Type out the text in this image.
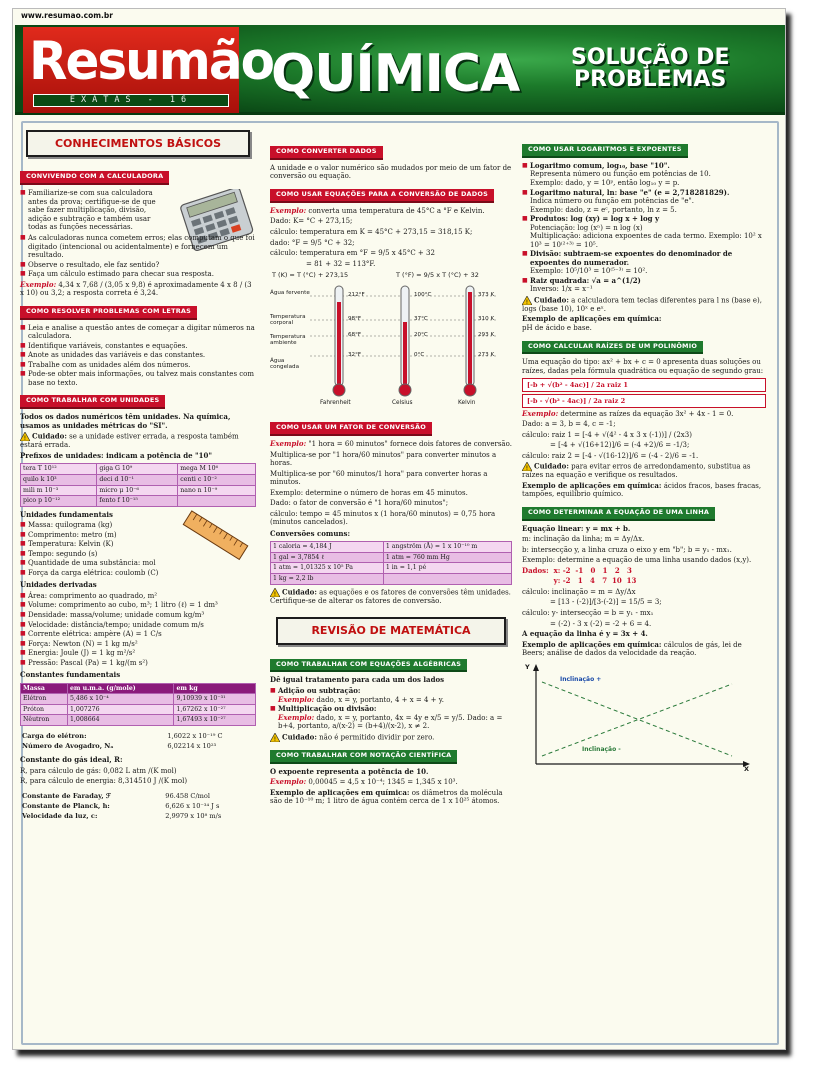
www.resumao.com.br
Resumão
EXATAS - 16	QUÍMICA SOLUÇÃO DE
PROBLEMAS
CONHECIMENTOS BÁSICOS
CONVIVENDO COM A CALCULADORA
■ Familiarize-se com sua calculadora antes da prova; certifique-se de que sabe fazer multiplicação, divisão, adição e subtração e também usar todas as funções necessárias.
■ As calculadoras nunca cometem erros; elas computam o que foi digitado (intencional ou acidentalmente) e fornecem um resultado.
■ Observe o resultado, ele faz sentido?
■ Faça um cálculo estimado para checar sua resposta.

Exemplo: 4,34 x 7,68 / (3,05 x 9,8) é aproximadamente 4 x 8 / (3 x 10) ou 3,2; a resposta correta é 3,24.

COMO RESOLVER PROBLEMAS COM LETRAS
■ Leia e analise a questão antes de começar a digitar números na calculadora.
■ Identifique variáveis, constantes e equações.
■ Anote as unidades das variáveis e das constantes.
■ Trabalhe com as unidades além dos números.
■ Pode-se obter mais informações, ou talvez mais constantes com base no texto.
COMO TRABALHAR COM UNIDADES

Todos os dados numéricos têm unidades. Na química, usamos as unidades métricas do "SI".

! Cuidado: se a unidade estiver errada, a resposta também estará errada.

Prefixos de unidades: indicam a potência de "10"

tera T 10¹²	giga G 10⁹	mega M 10⁶
quilo k 10³	deci d 10⁻¹	centi c 10⁻²
mili m 10⁻³	micro μ 10⁻⁶	nano n 10⁻⁹
pico p 10⁻¹²	fento f 10⁻¹⁵	

Unidades fundamentais

■ Massa: quilograma (kg)
■ Comprimento: metro (m)
■ Temperatura: Kelvin (K)
■ Tempo: segundo (s)
■ Quantidade de uma substância: mol
■ Força da carga elétrica: coulomb (C)

Unidades derivadas

■ Área: comprimento ao quadrado, m²
■ Volume: comprimento ao cubo, m³; 1 litro (ℓ) = 1 dm³
■ Densidade: massa/volume; unidade comum kg/m³
■ Velocidade: distância/tempo; unidade comum m/s
■ Corrente elétrica: ampère (A) = 1 C/s
■ Força: Newton (N) = 1 kg m/s²
■ Energia: Joule (J) = 1 kg m²/s²
■ Pressão: Pascal (Pa) = 1 kg/(m s²)

Constantes fundamentais

Massa	em u.m.a. (g/mole)	em kg
Elétron	5,486 x 10⁻⁴	9,10939 x 10⁻³¹
Próton	1,007276	1,67262 x 10⁻²⁷
Nêutron	1,008664	1,67493 x 10⁻²⁷
Carga do elétron:	1,6022 x 10⁻¹⁹ C
Número de Avogadro, Nₐ	6,02214 x 10²³

Constante do gás ideal, R:

R, para cálculo de gás: 0,082 L atm /(K mol)

R, para cálculo de energia: 8,314510 J /(K mol)

Constante de Faraday, ℱ	96.458 C/mol
Constante de Planck, h:	6,626 x 10⁻³⁴ J s
Velocidade da luz, c:	2,9979 x 10⁸ m/s
COMO CONVERTER DADOS

A unidade e o valor numérico são mudados por meio de um fator de conversão ou equação.

COMO USAR EQUAÇÕES PARA A CONVERSÃO DE DADOS

Exemplo: converta uma temperatura de 45°C a °F e Kelvin.

Dado: K= °C + 273,15;

cálculo: temperatura em K = 45°C + 273,15 = 318,15 K;

dado: °F = 9/5 °C + 32;

cálculo: temperatura em °F = 9/5 x 45°C + 32

= 81 + 32 = 113°F.

T (K) = T (°C) + 273,15	T (°F) = 9/5 x T (°C) + 32
Água fervente
Temperatura corporal
Temperatura ambiente
Água congelada
212°F
98°F
68°F
32°F
100°C
37°C
20°C
0°C
373 K
310 K
293 K
273 K
Fahrenheit	Celsius	Kelvin
COMO USAR UM FATOR DE CONVERSÃO

Exemplo: "1 hora = 60 minutos" fornece dois fatores de conversão.

Multiplica-se por "1 hora/60 minutos" para converter minutos a horas.

Multiplica-se por "60 minutos/1 hora" para converter horas a minutos.

Exemplo: determine o número de horas em 45 minutos.

Dado: o fator de conversão é "1 hora/60 minutos";

cálculo: tempo = 45 minutos x (1 hora/60 minutos) = 0,75 hora (minutos cancelados).

Conversões comuns:

1 caloria = 4,184 J	1 angström (Å) = 1 x 10⁻¹⁰ m
1 gal = 3,7854 ℓ	1 atm = 760 mm Hg
1 atm = 1,01325 x 10⁵ Pa	1 in = 1,1 pé
1 kg = 2,2 lb	

! Cuidado: as equações e os fatores de conversões têm unidades. Certifique-se de alterar os fatores de conversão.

REVISÃO DE MATEMÁTICA
COMO TRABALHAR COM EQUAÇÕES ALGÉBRICAS

Dê igual tratamento para cada um dos lados

■ Adição ou subtração:
Exemplo: dado, x = y, portanto, 4 + x = 4 + y.
■ Multiplicação ou divisão:
Exemplo: dado, x = y, portanto, 4x = 4y e x/5 = y/5. Dado: a = b+4, portanto, a/(x-2) = (b+4)/(x-2), x ≠ 2.

! Cuidado: não é permitido dividir por zero.

COMO TRABALHAR COM NOTAÇÃO CIENTÍFICA

O expoente representa a potência de 10.

Exemplo: 0,00045 = 4,5 x 10⁻⁴; 1345 = 1,345 x 10³.

Exemplo de aplicações em química: os diâmetros da molécula são de 10⁻¹⁰ m; 1 litro de água contém cerca de 1 x 10²⁵ átomos.

COMO USAR LOGARITMOS E EXPOENTES
■ Logaritmo comum, log₁₀, base "10".
Representa número ou função em potências de 10.
Exemplo: dado, y = 10ᵖ, então log₁₀ y = p.
■ Logaritmo natural, ln: base "e" (e = 2,718281829).
Indica número ou função em potências de "e".
Exemplo: dado, z = eᶜ, portanto, ln z = 5.
■ Produtos: log (xy) = log x + log y
Potenciação: log (xⁿ) = n log (x)
Multiplicação: adiciona expoentes de cada termo. Exemplo: 10² x 10³ = 10⁽²⁺³⁾ = 10⁵.
■ Divisão: subtraem-se expoentes do denominador de expoentes do numerador.
Exemplo: 10⁵/10³ = 10⁽⁵⁻³⁾ = 10².
■ Raiz quadrada: √a = a^(1/2)
Inverso: 1/x = x⁻¹

! Cuidado: a calculadora tem teclas diferentes para l ns (base e), logs (base 10), 10ˣ e eˣ.

Exemplo de aplicações em química:
pH de ácido e base.

COMO CALCULAR RAÍZES DE UM POLINÔMIO

Uma equação do tipo: ax² + bx + c = 0 apresenta duas soluções ou raízes, dadas pela fórmula quadrática ou equação de segundo grau:

[-b + √(b² - 4ac)] / 2a raiz 1
[-b - √(b² - 4ac)] / 2a raiz 2

Exemplo: determine as raízes da equação 3x² + 4x - 1 = 0.

Dado: a = 3, b = 4, c = -1;

cálculo: raiz 1 = [-4 + √(4² - 4 x 3 x (-1))] / (2x3)

= [-4 + √(16+12)]/6 = (-4 +2)/6 = -1/3;

cálculo: raiz 2 = [-4 - √(16-12)]/6 = (-4 - 2)/6 = -1.

! Cuidado: para evitar erros de arredondamento, substitua as raízes na equação e verifique os resultados.

Exemplo de aplicações em química: ácidos fracos, bases fracas, tampões, equilíbrio químico.

COMO DETERMINAR A EQUAÇÃO DE UMA LINHA

Equação linear: y = mx + b.

m: inclinação da linha; m = Δy/Δx.

b: intersecção y, a linha cruza o eixo y em "b"; b = y₁ - mx₁.

Exemplo: determine a equação de uma linha usando dados (x,y).

Dados:  x: -2  -1   0   1   2   3

y: -2   1   4   7  10  13

cálculo: inclinação = m = Δy/Δx

= [13 - (-2)]/[3-(-2)] = 15/5 = 3;

cálculo: y- intersecção = b = y₁ - mx₁

= (-2) - 3 x (-2) = -2 + 6 = 4.

A equação da linha é y = 3x + 4.

Exemplo de aplicações em química: cálculos de gás, lei de Beers; análise de dados da velocidade da reação.

Y
X
Inclinação +
Inclinação -
